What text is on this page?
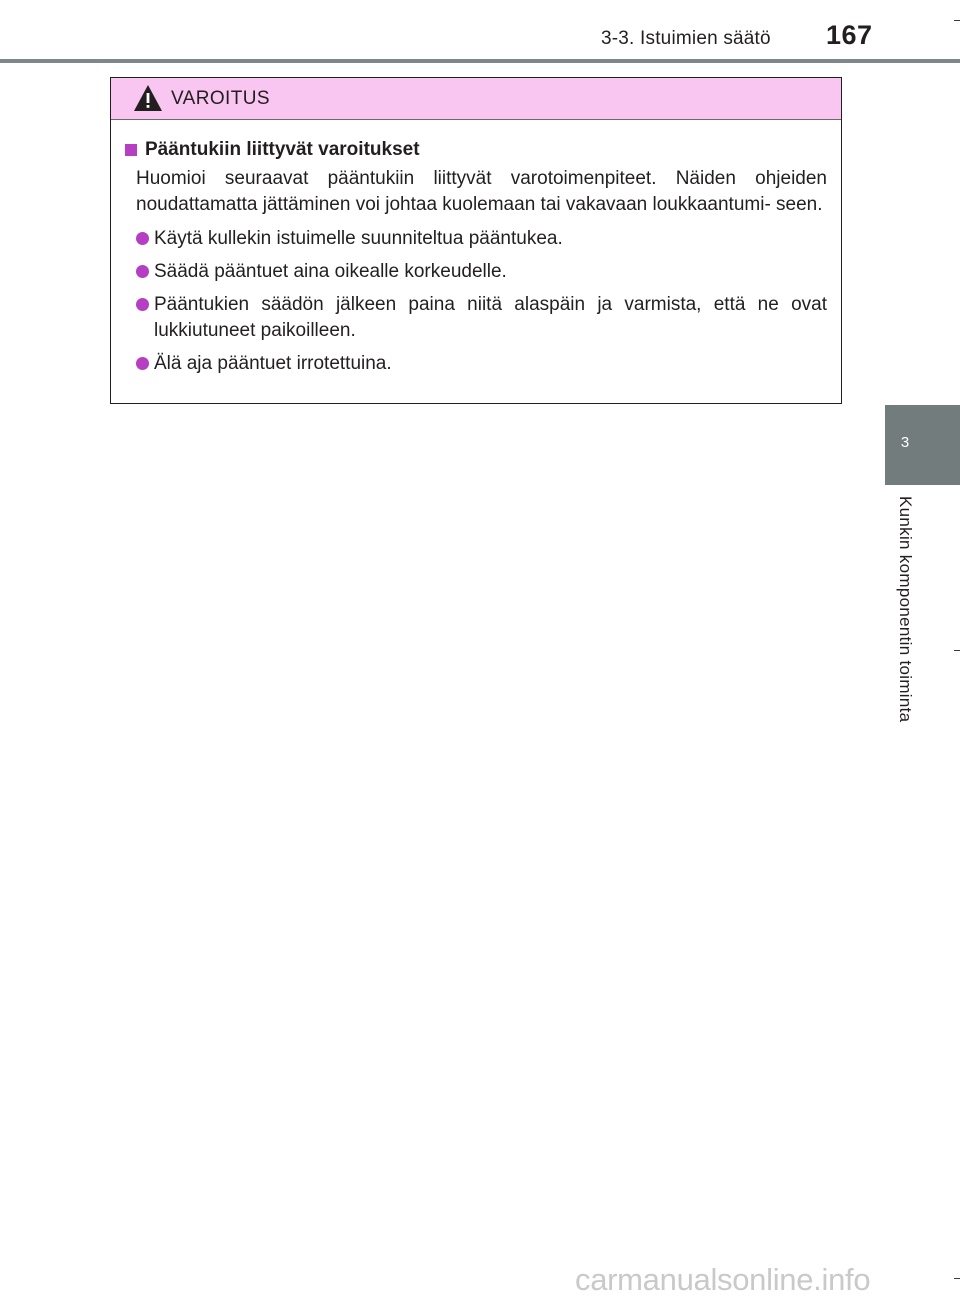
3-3. Istuimien säätö 167
3
Kunkin komponentin toiminta
VAROITUS
Pääntukiin liittyvät varoitukset
Huomioi seuraavat pääntukiin liittyvät varotoimenpiteet. Näiden ohjeiden noudattamatta jättäminen voi johtaa kuolemaan tai vakavaan loukkaantumi- seen.
Käytä kullekin istuimelle suunniteltua pääntukea.
Säädä pääntuet aina oikealle korkeudelle.
Pääntukien säädön jälkeen paina niitä alaspäin ja varmista, että ne ovat lukkiutuneet paikoilleen.
Älä aja pääntuet irrotettuina.
carmanualsonline.info
